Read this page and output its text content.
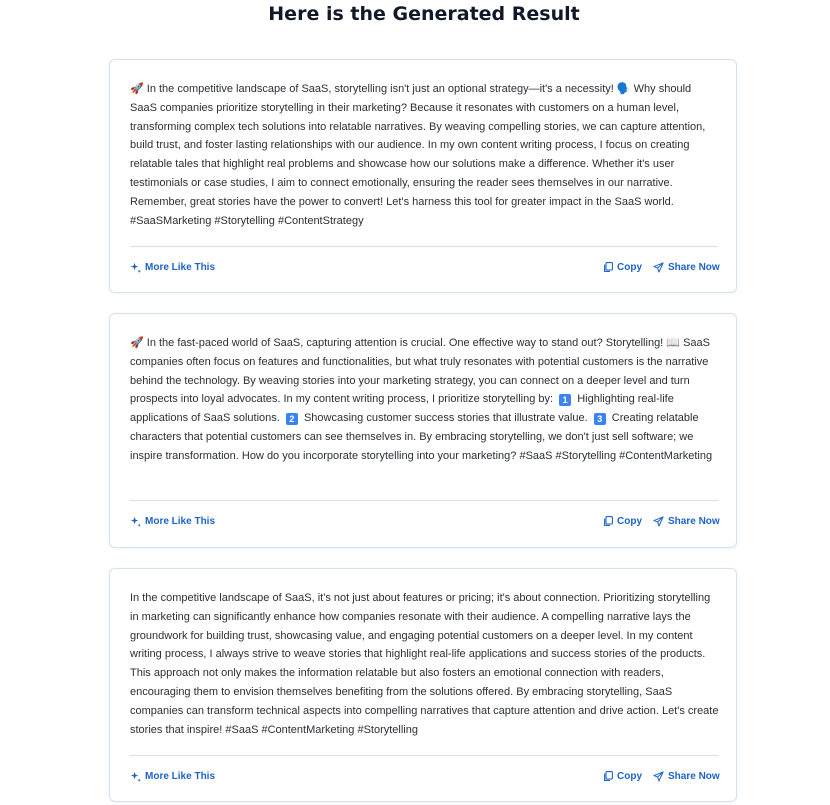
Here is the Generated Result
🚀 In the competitive landscape of SaaS, storytelling isn't just an optional strategy—it's a necessity! 🗣️ Why should SaaS companies prioritize storytelling in their marketing? Because it resonates with customers on a human level, transforming complex tech solutions into relatable narratives. By weaving compelling stories, we can capture attention, build trust, and foster lasting relationships with our audience. In my own content writing process, I focus on creating relatable tales that highlight real problems and showcase how our solutions make a difference. Whether it's user testimonials or case studies, I aim to connect emotionally, ensuring the reader sees themselves in our narrative. Remember, great stories have the power to convert! Let's harness this tool for greater impact in the SaaS world. #SaaSMarketing #Storytelling #ContentStrategy
More Like This	Copy	Share Now
🚀 In the fast-paced world of SaaS, capturing attention is crucial. One effective way to stand out? Storytelling! 📖 SaaS companies often focus on features and functionalities, but what truly resonates with potential customers is the narrative behind the technology. By weaving stories into your marketing strategy, you can connect on a deeper level and turn prospects into loyal advocates. In my content writing process, I prioritize storytelling by: 1 Highlighting real-life applications of SaaS solutions. 2 Showcasing customer success stories that illustrate value. 3 Creating relatable characters that potential customers can see themselves in. By embracing storytelling, we don't just sell software; we inspire transformation. How do you incorporate storytelling into your marketing? #SaaS #Storytelling #ContentMarketing
More Like This	Copy	Share Now
In the competitive landscape of SaaS, it's not just about features or pricing; it's about connection. Prioritizing storytelling in marketing can significantly enhance how companies resonate with their audience. A compelling narrative lays the groundwork for building trust, showcasing value, and engaging potential customers on a deeper level. In my content writing process, I always strive to weave stories that highlight real-life applications and success stories of the products. This approach not only makes the information relatable but also fosters an emotional connection with readers, encouraging them to envision themselves benefiting from the solutions offered. By embracing storytelling, SaaS companies can transform technical aspects into compelling narratives that capture attention and drive action. Let's create stories that inspire! #SaaS #ContentMarketing #Storytelling
More Like This	Copy	Share Now
